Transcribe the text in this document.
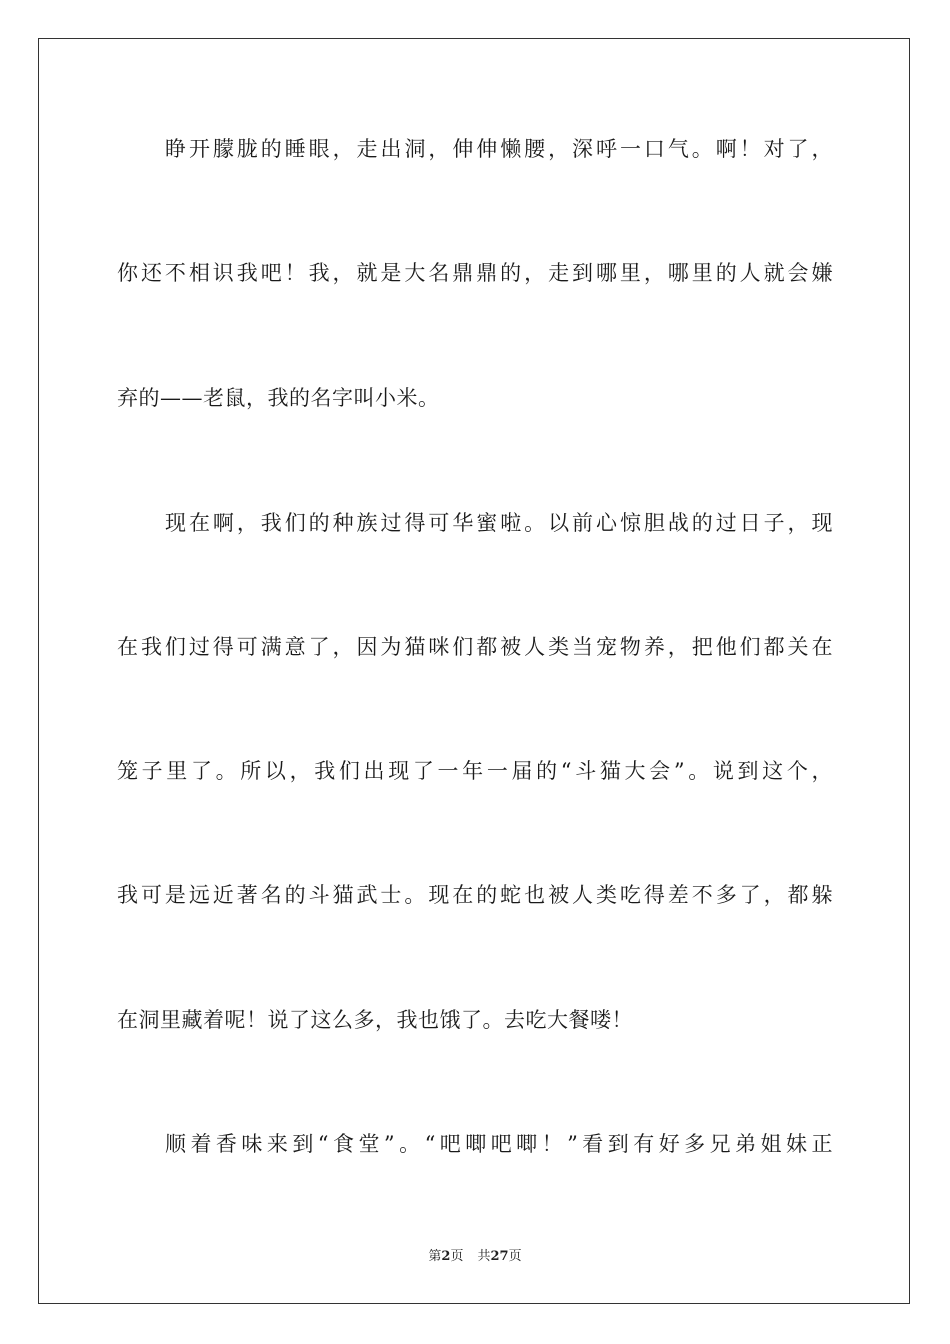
睁开朦胧的睡眼，走出洞，伸伸懒腰，深呼一口气。啊！对了，
你还不相识我吧！我，就是大名鼎鼎的，走到哪里，哪里的人就会嫌
弃的——老鼠，我的名字叫小米。
现在啊，我们的种族过得可华蜜啦。以前心惊胆战的过日子，现
在我们过得可满意了，因为猫咪们都被人类当宠物养，把他们都关在
笼子里了。所以，我们出现了一年一届的“斗猫大会”。说到这个，
我可是远近著名的斗猫武士。现在的蛇也被人类吃得差不多了，都躲
在洞里藏着呢！说了这么多，我也饿了。去吃大餐喽！
顺着香味来到“食堂”。“吧唧吧唧！”看到有好多兄弟姐妹正
第2页 共27页
